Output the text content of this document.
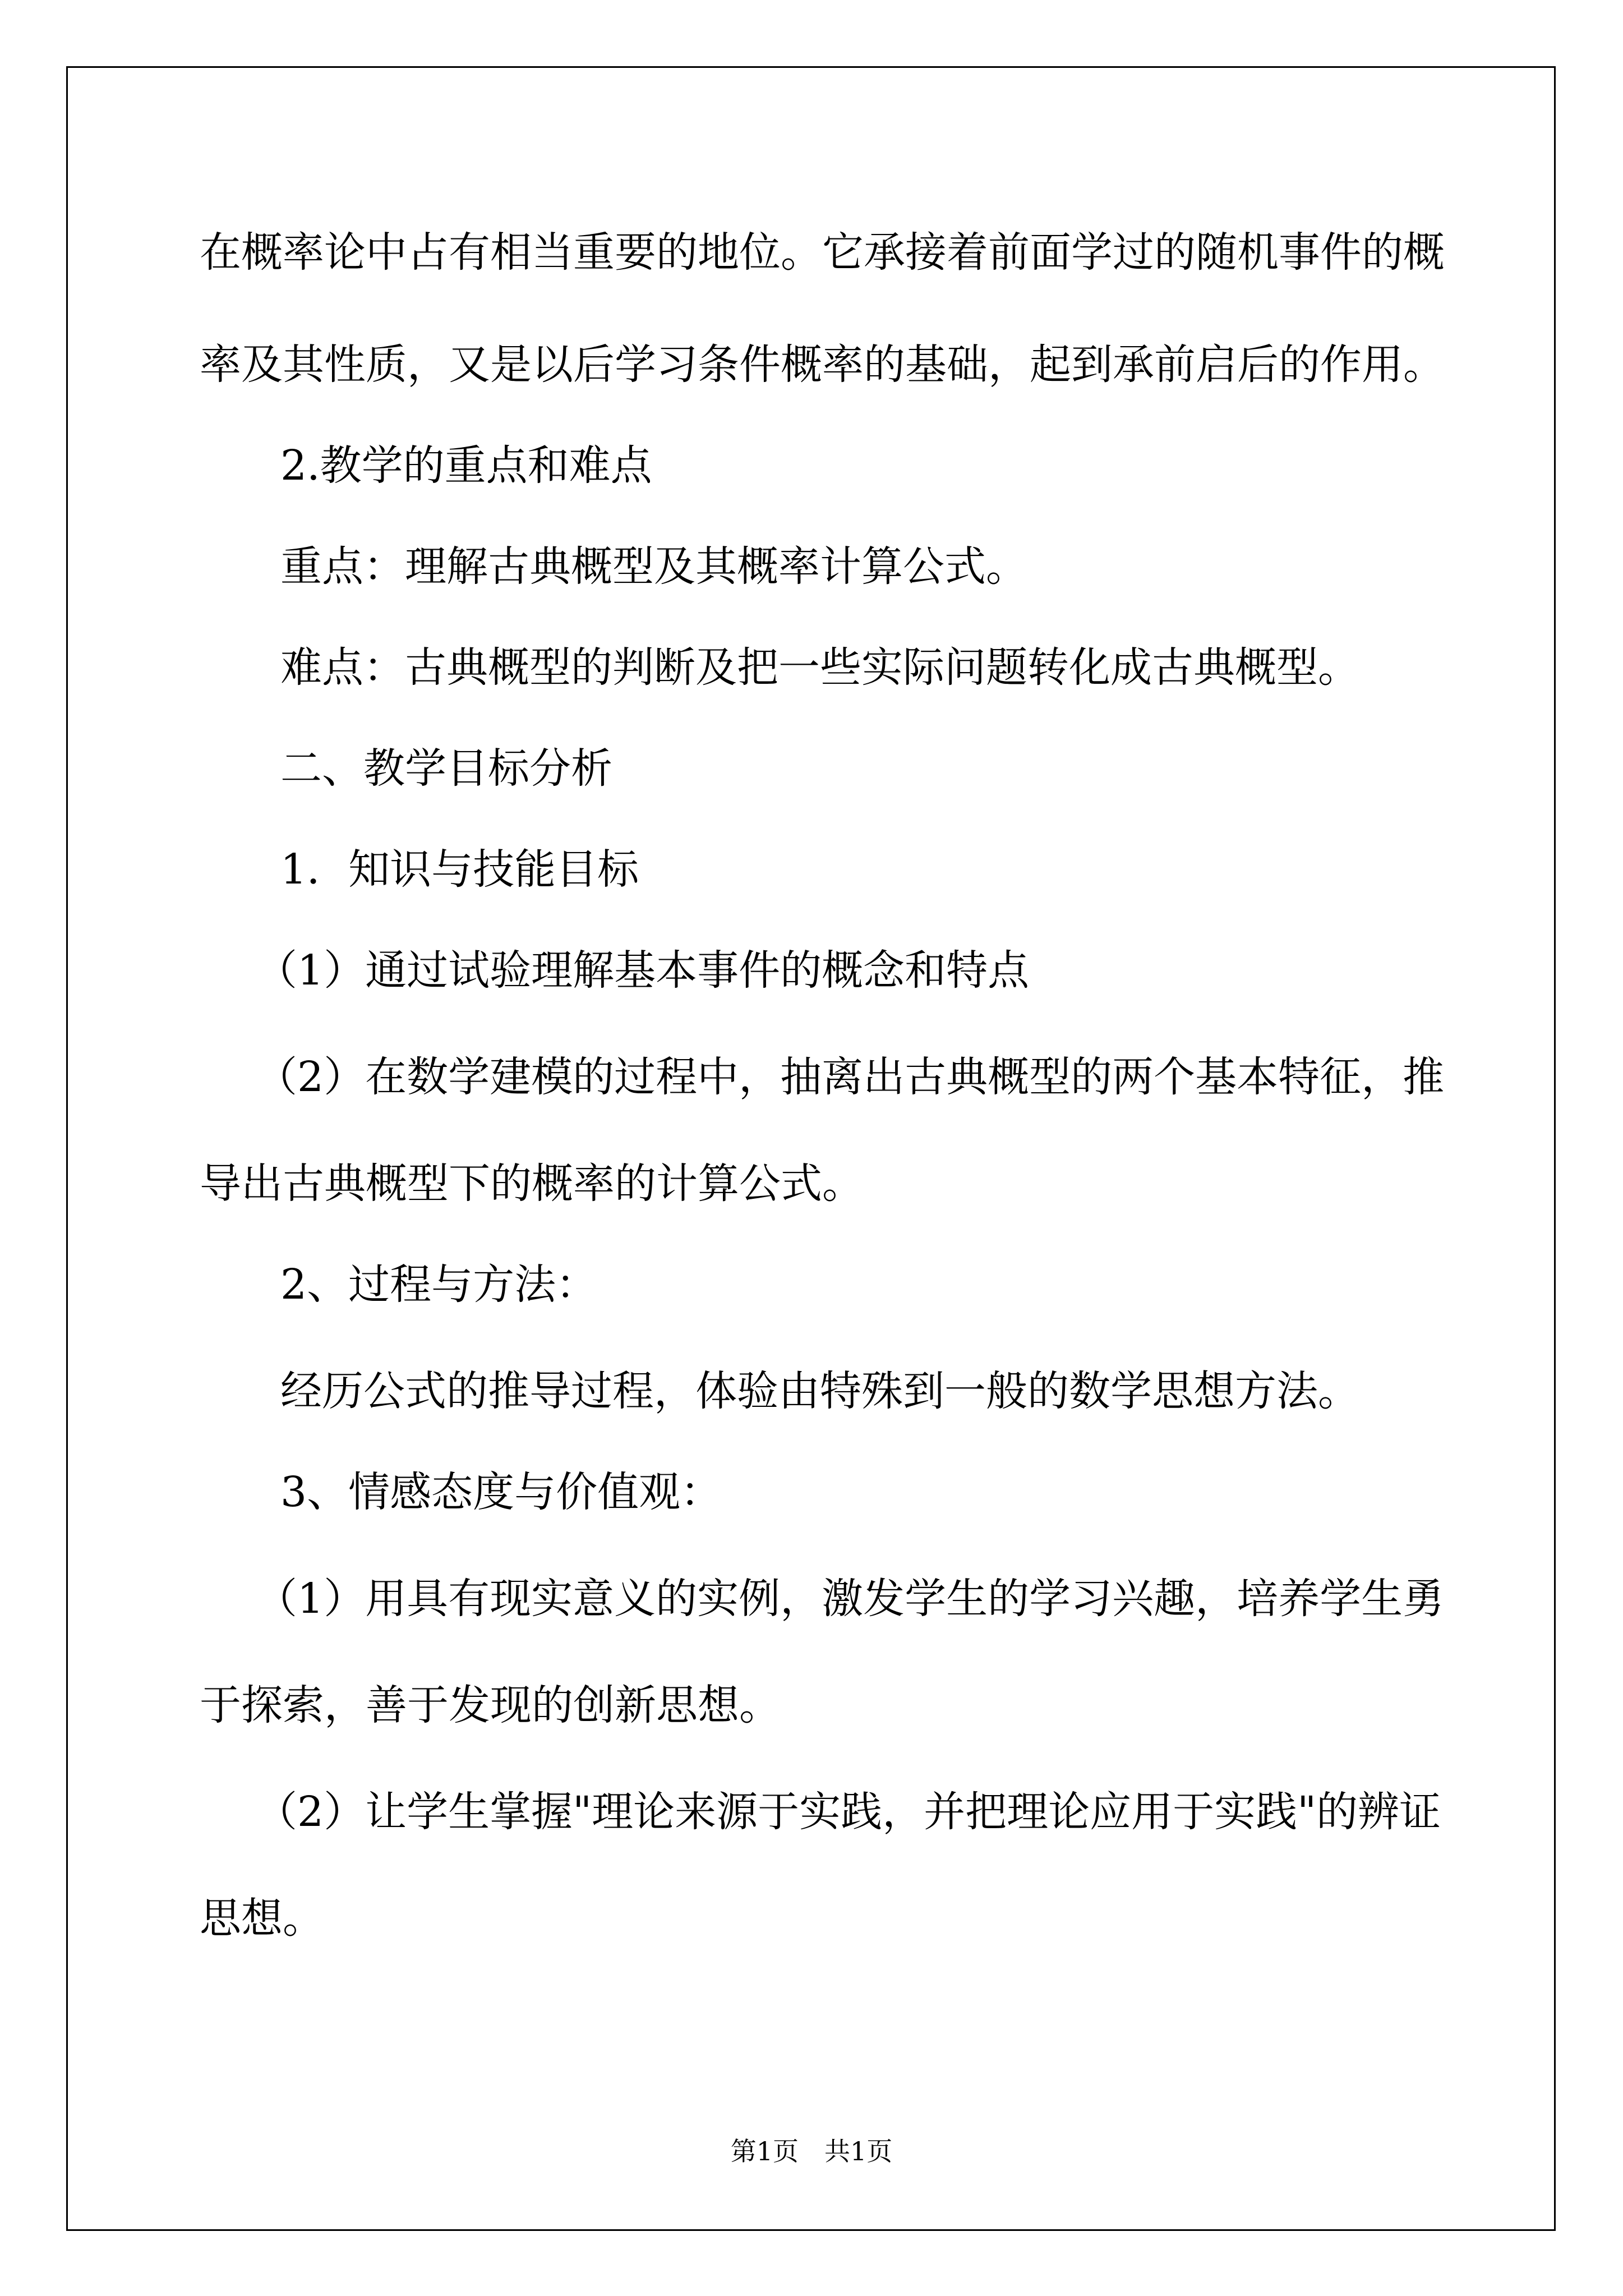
在概率论中占有相当重要的地位。它承接着前面学过的随机事件的概
率及其性质，又是以后学习条件概率的基础，起到承前启后的作用。
2.教学的重点和难点
重点：理解古典概型及其概率计算公式。
难点：古典概型的判断及把一些实际问题转化成古典概型。
二、教学目标分析
1．知识与技能目标
（1）通过试验理解基本事件的概念和特点
（2）在数学建模的过程中，抽离出古典概型的两个基本特征，推
导出古典概型下的概率的计算公式。
2、过程与方法：
经历公式的推导过程，体验由特殊到一般的数学思想方法。
3、情感态度与价值观：
（1）用具有现实意义的实例，激发学生的学习兴趣，培养学生勇
于探索，善于发现的创新思想。
（2）让学生掌握"理论来源于实践，并把理论应用于实践"的辨证
思想。
第1页　共1页
